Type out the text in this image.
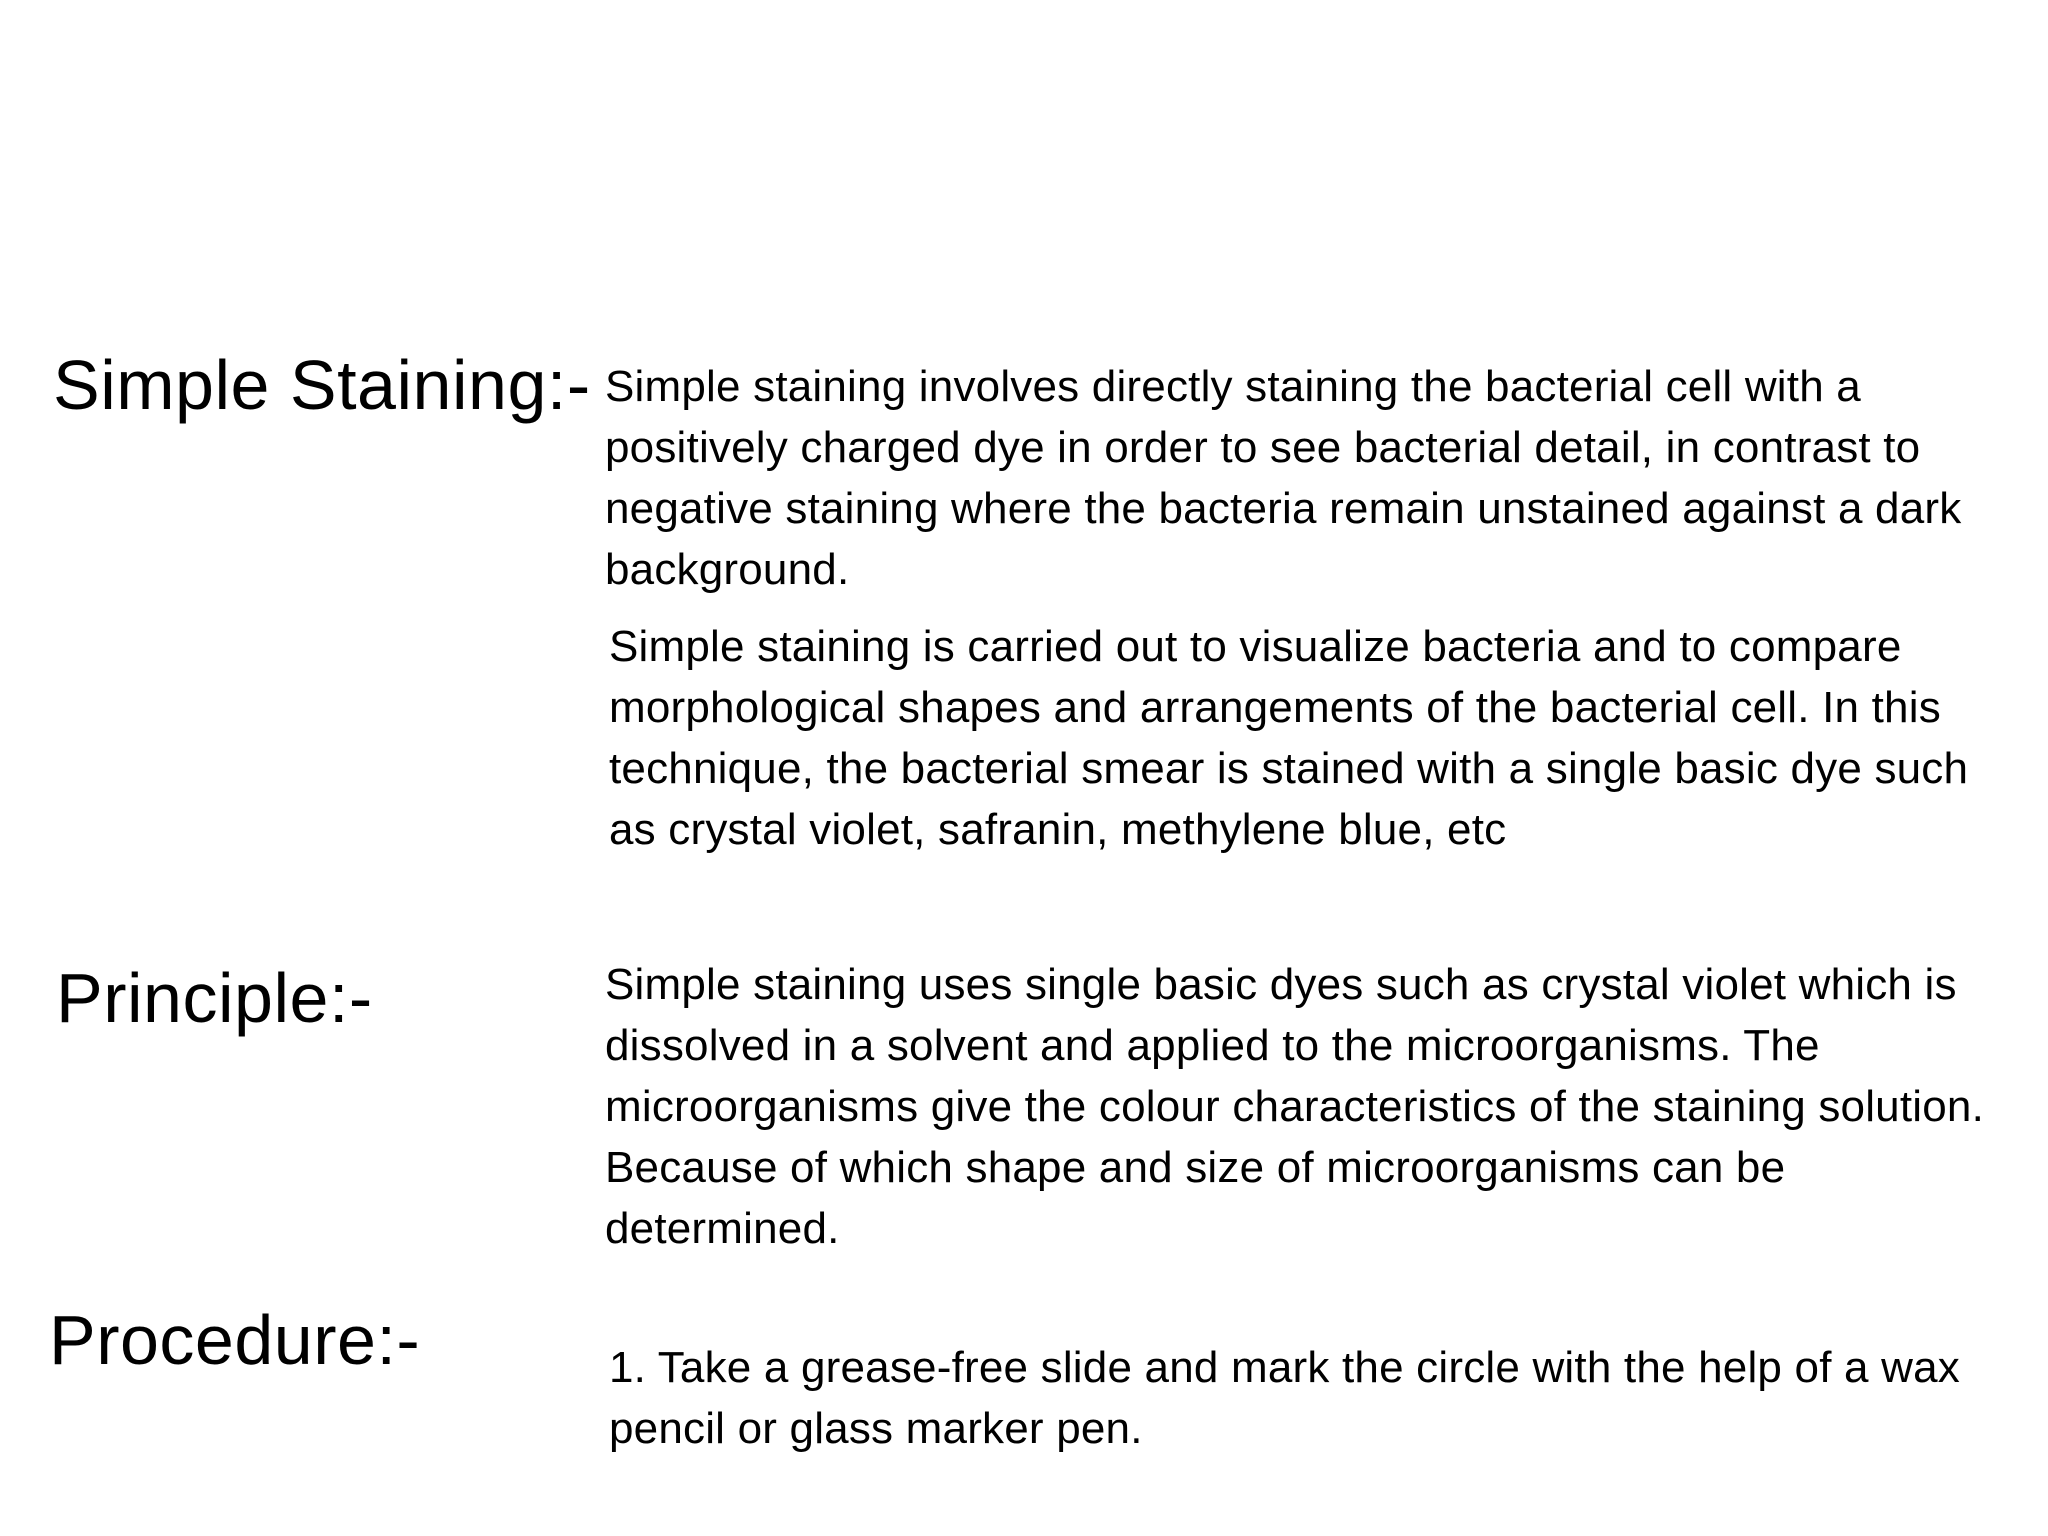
Simple Staining:- Simple staining involves directly staining the bacterial cell with a positively charged dye in order to see bacterial detail, in contrast to negative staining where the bacteria remain unstained against a dark background.
Simple staining is carried out to visualize bacteria and to compare morphological shapes and arrangements of the bacterial cell. In this technique, the bacterial smear is stained with a single basic dye such as crystal violet, safranin, methylene blue, etc
Principle:-	Simple staining uses single basic dyes such as crystal violet which is dissolved in a solvent and applied to the microorganisms. The microorganisms give the colour characteristics of the staining solution. Because of which shape and size of microorganisms can be determined.
Procedure:-	1. Take a grease-free slide and mark the circle with the help of a wax pencil or glass marker pen.
